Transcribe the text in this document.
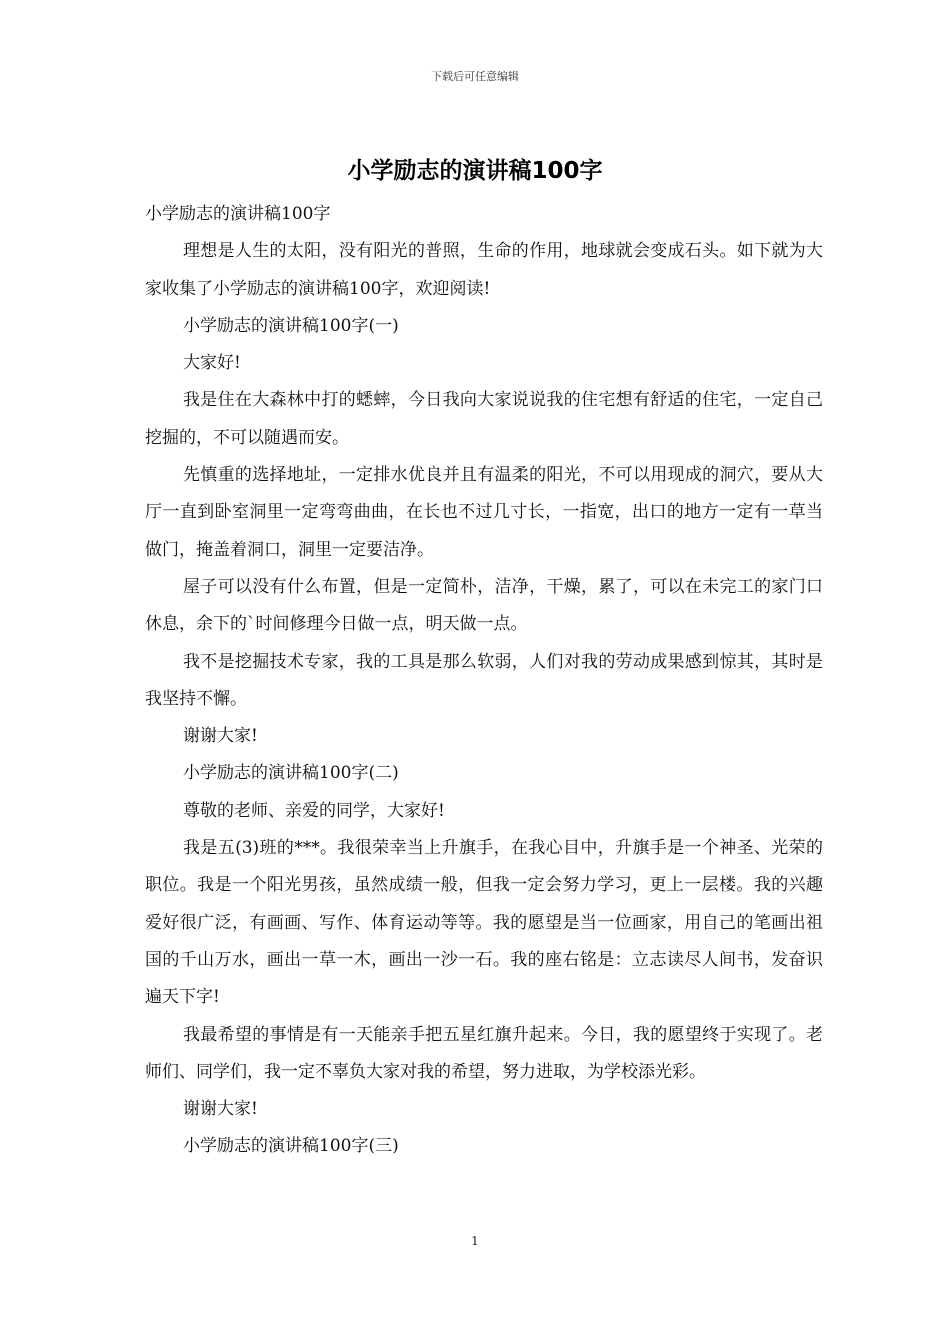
下载后可任意编辑
小学励志的演讲稿100字

小学励志的演讲稿100字

理想是人生的太阳，没有阳光的普照，生命的作用，地球就会变成石头。如下就为大家收集了小学励志的演讲稿100字，欢迎阅读!

小学励志的演讲稿100字(一)

大家好!

我是住在大森林中打的蟋蟀，今日我向大家说说我的住宅想有舒适的住宅，一定自己挖掘的，不可以随遇而安。

先慎重的选择地址，一定排水优良并且有温柔的阳光，不可以用现成的洞穴，要从大厅一直到卧室洞里一定弯弯曲曲，在长也不过几寸长，一指宽，出口的地方一定有一草当做门，掩盖着洞口，洞里一定要洁净。

屋子可以没有什么布置，但是一定简朴，洁净，干燥，累了，可以在未完工的家门口休息，余下的`时间修理今日做一点，明天做一点。

我不是挖掘技术专家，我的工具是那么软弱，人们对我的劳动成果感到惊其，其时是我坚持不懈。

谢谢大家!

小学励志的演讲稿100字(二)

尊敬的老师、亲爱的同学，大家好!

我是五(3)班的***。我很荣幸当上升旗手，在我心目中，升旗手是一个神圣、光荣的职位。我是一个阳光男孩，虽然成绩一般，但我一定会努力学习，更上一层楼。我的兴趣爱好很广泛，有画画、写作、体育运动等等。我的愿望是当一位画家，用自己的笔画出祖国的千山万水，画出一草一木，画出一沙一石。我的座右铭是：立志读尽人间书，发奋识遍天下字!

我最希望的事情是有一天能亲手把五星红旗升起来。今日，我的愿望终于实现了。老师们、同学们，我一定不辜负大家对我的希望，努力进取，为学校添光彩。

谢谢大家!

小学励志的演讲稿100字(三)

1
